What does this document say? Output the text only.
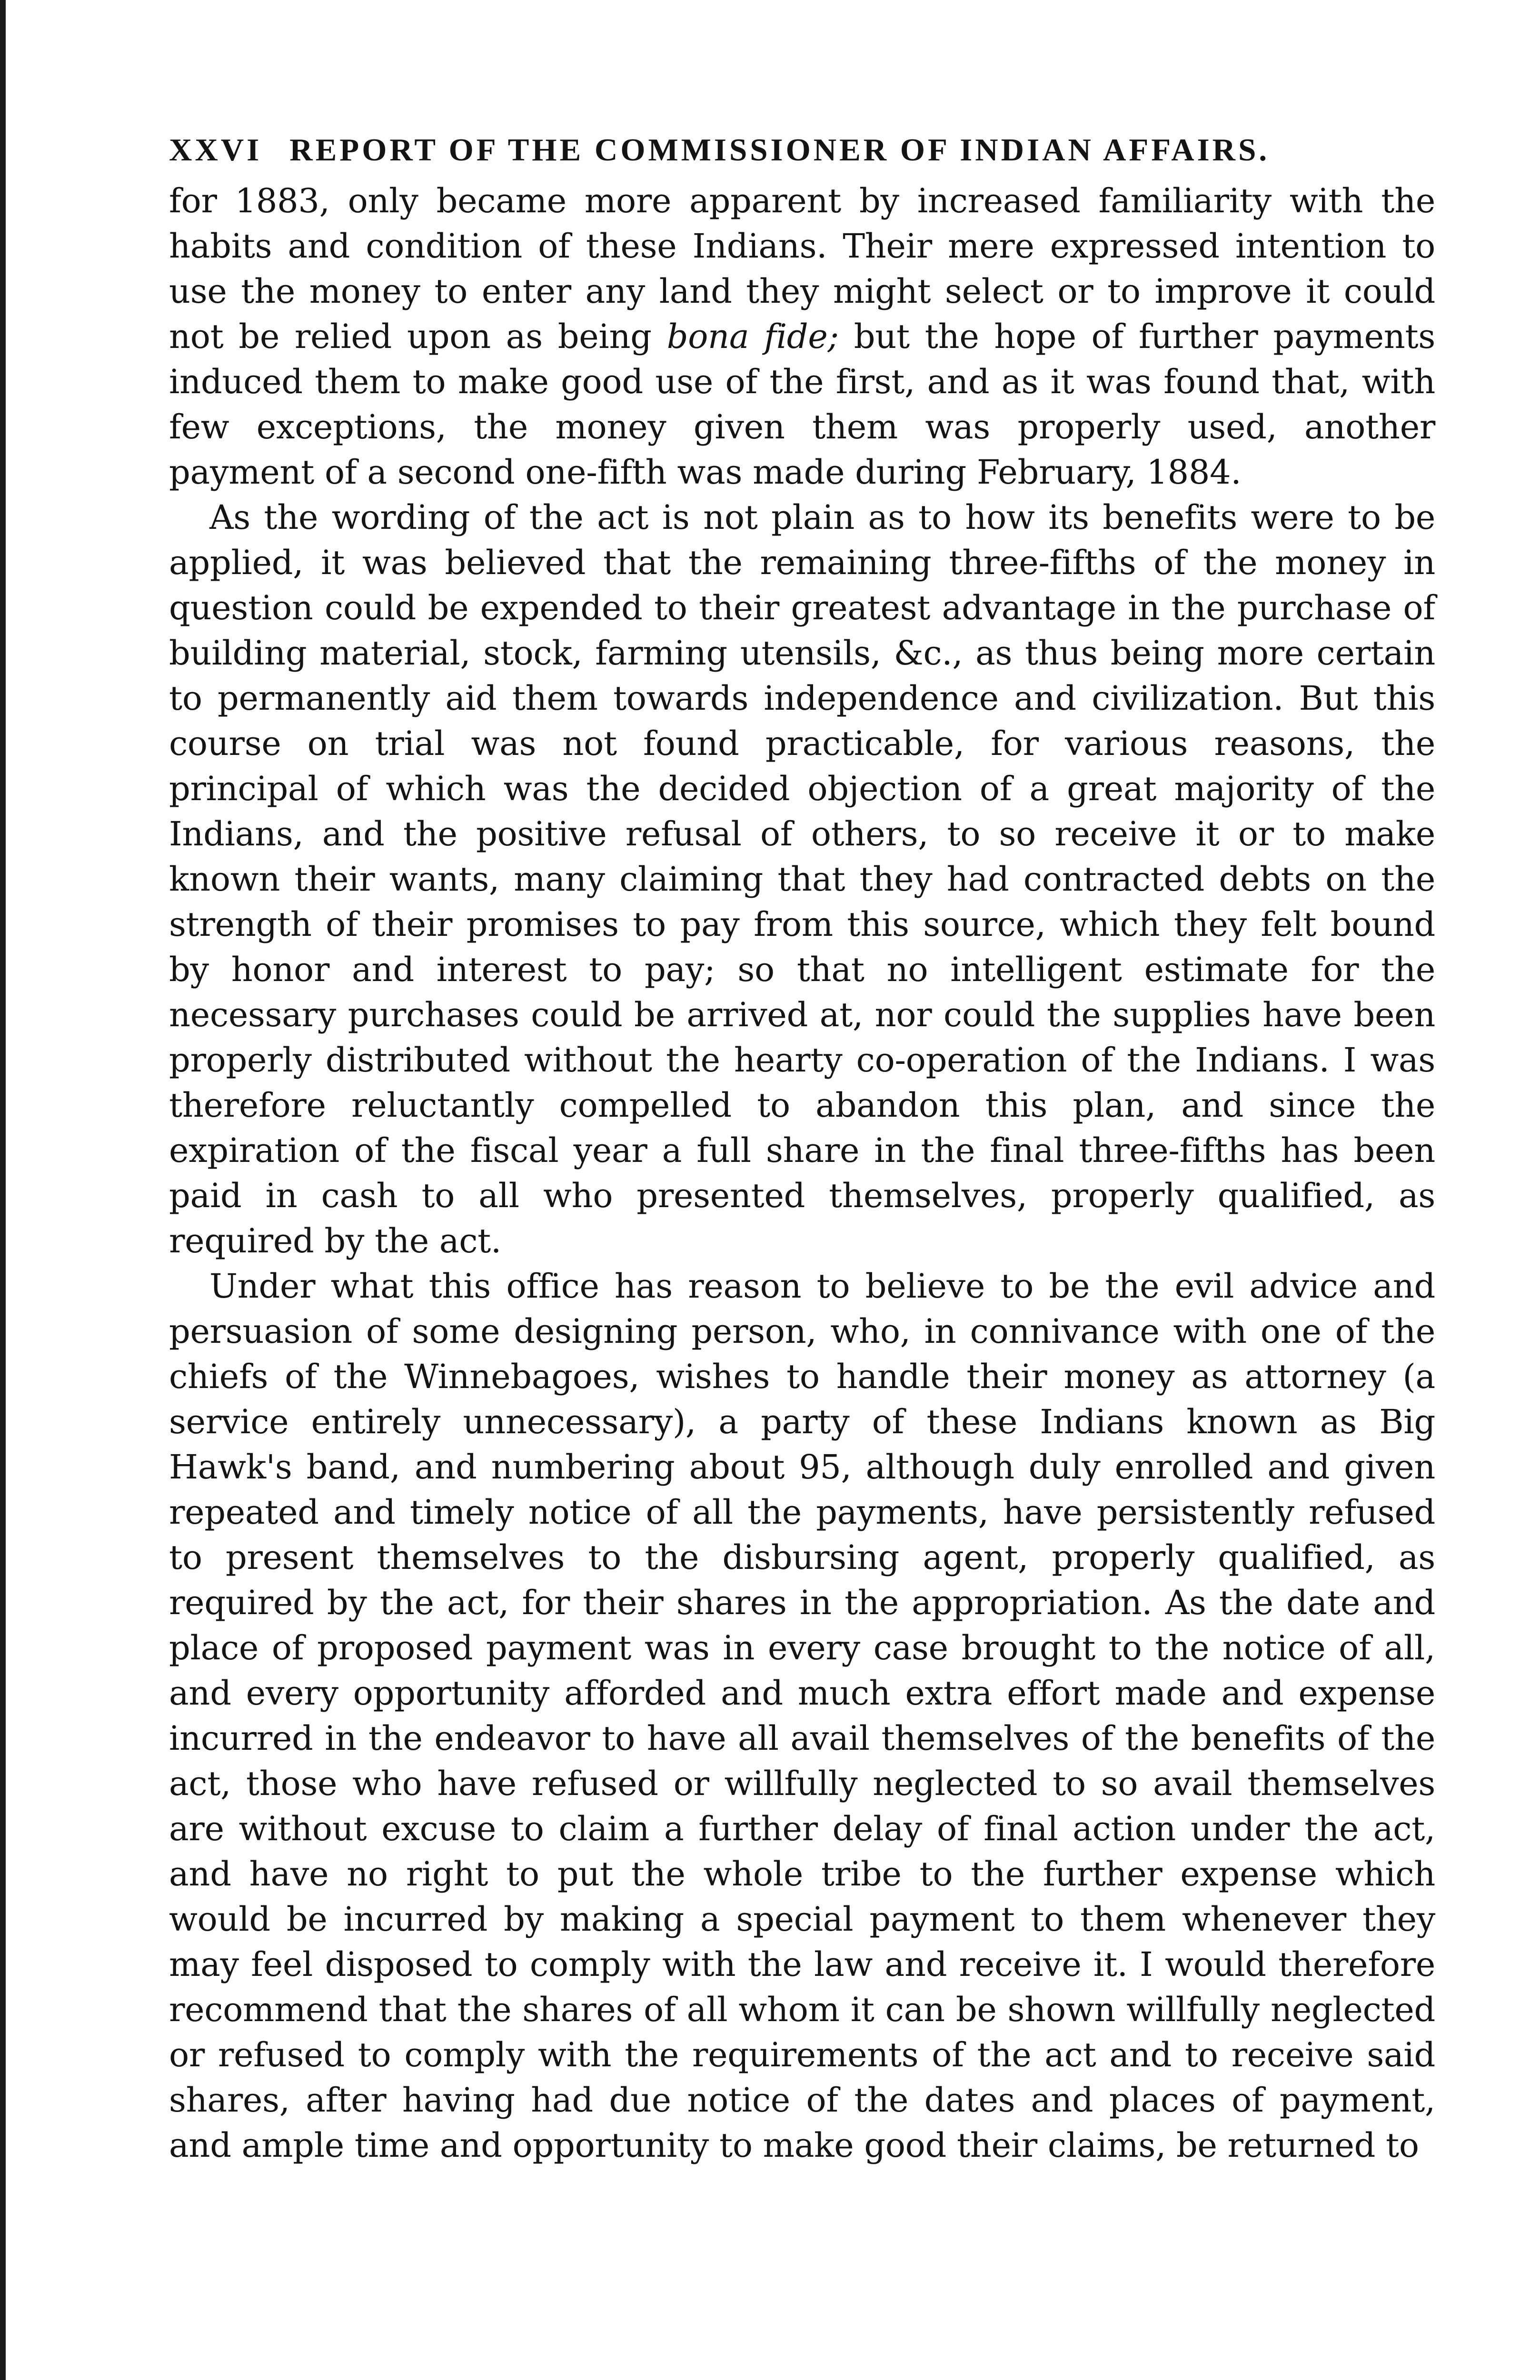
XXVI REPORT OF THE COMMISSIONER OF INDIAN AFFAIRS.

for 1883, only became more apparent by increased familiarity with the habits and condition of these Indians. Their mere expressed intention to use the money to enter any land they might select or to improve it could not be relied upon as being bona fide; but the hope of further payments induced them to make good use of the first, and as it was found that, with few exceptions, the money given them was properly used, another payment of a second one-fifth was made during February, 1884.

As the wording of the act is not plain as to how its benefits were to be applied, it was believed that the remaining three-fifths of the money in question could be expended to their greatest advantage in the purchase of building material, stock, farming utensils, &c., as thus being more certain to permanently aid them towards independence and civilization. But this course on trial was not found practicable, for various reasons, the principal of which was the decided objection of a great majority of the Indians, and the positive refusal of others, to so receive it or to make known their wants, many claiming that they had contracted debts on the strength of their promises to pay from this source, which they felt bound by honor and interest to pay; so that no intelligent estimate for the necessary purchases could be arrived at, nor could the supplies have been properly distributed without the hearty co-operation of the Indians. I was therefore reluctantly compelled to abandon this plan, and since the expiration of the fiscal year a full share in the final three-fifths has been paid in cash to all who presented themselves, properly qualified, as required by the act.

Under what this office has reason to believe to be the evil advice and persuasion of some designing person, who, in connivance with one of the chiefs of the Winnebagoes, wishes to handle their money as attorney (a service entirely unnecessary), a party of these Indians known as Big Hawk's band, and numbering about 95, although duly enrolled and given repeated and timely notice of all the payments, have persistently refused to present themselves to the disbursing agent, properly qualified, as required by the act, for their shares in the appropriation. As the date and place of proposed payment was in every case brought to the notice of all, and every opportunity afforded and much extra effort made and expense incurred in the endeavor to have all avail themselves of the benefits of the act, those who have refused or willfully neglected to so avail themselves are without excuse to claim a further delay of final action under the act, and have no right to put the whole tribe to the further expense which would be incurred by making a special payment to them whenever they may feel disposed to comply with the law and receive it. I would therefore recommend that the shares of all whom it can be shown willfully neglected or refused to comply with the requirements of the act and to receive said shares, after having had due notice of the dates and places of payment, and ample time and opportunity to make good their claims, be returned to
